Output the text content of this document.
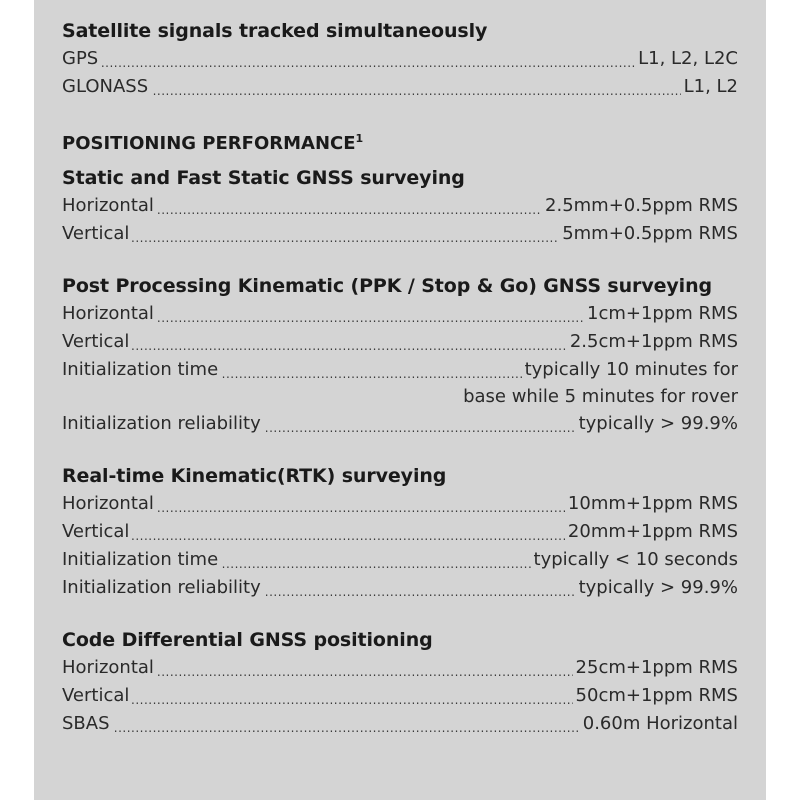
Satellite signals tracked simultaneously
.....
GPS	L1, L2, L2C
.....
GLONASS	L1, L2
POSITIONING PERFORMANCE$^1$
Static and Fast Static GNSS surveying
.....
Horizontal	2.5mm+0.5ppm RMS
.....
Vertical	5mm+0.5ppm RMS
Post Processing Kinematic (PPK / Stop & Go) GNSS surveying
.....
Horizontal	1cm+1ppm RMS
.....
Vertical	2.5cm+1ppm RMS
.....
Initialization time	typically 10 minutes for
base while 5 minutes for rover
.....
Initialization reliability	typically > 99.9%
Real-time Kinematic(RTK) surveying
.....
Horizontal	10mm+1ppm RMS
.....
Vertical	20mm+1ppm RMS
.....
Initialization time	typically < 10 seconds
.....
Initialization reliability	typically > 99.9%
Code Differential GNSS positioning
.....
Horizontal	25cm+1ppm RMS
.....
Vertical	50cm+1ppm RMS
.....
SBAS	0.60m Horizontal
